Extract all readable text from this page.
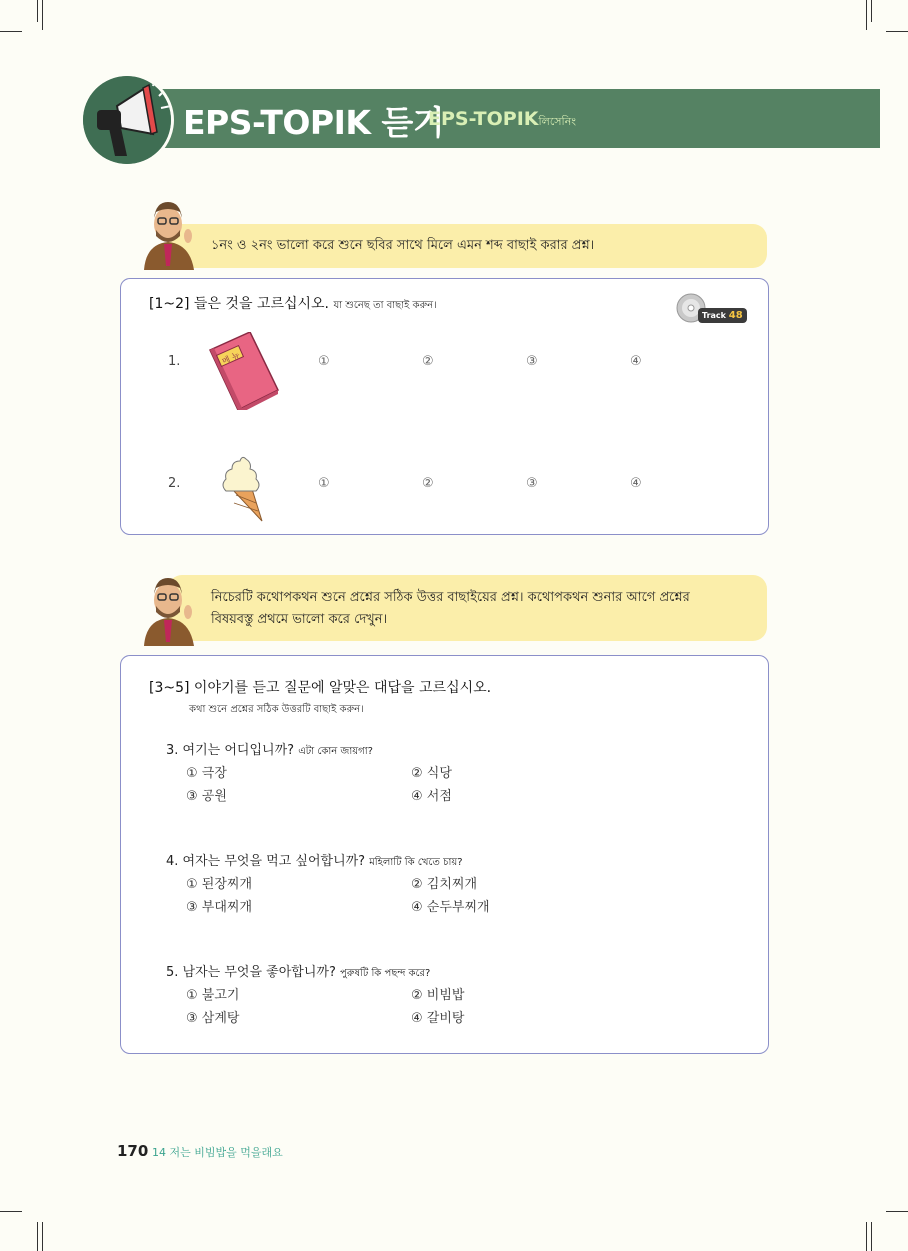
EPS-TOPIK 듣기
EPS-TOPIKলিসেনিং
১নং ও ২নং ভালো করে শুনে ছবির সাথে মিলে এমন শব্দ বাছাই করার প্রশ্ন।
[1~2] 들은 것을 고르십시오. যা শুনেছ তা বাছাই করুন।
Track 48
1.	메 뉴	①	②	③	④
2.	①	②	③	④
নিচেরটি কথোপকথন শুনে প্রশ্নের সঠিক উত্তর বাছাইয়ের প্রশ্ন। কথোপকথন শুনার আগে প্রশ্নের
বিষয়বস্তু প্রথমে ভালো করে দেখুন।
[3~5] 이야기를 듣고 질문에 알맞은 대답을 고르십시오.
কথা শুনে প্রশ্নের সঠিক উত্তরটি বাছাই করুন।
3. 여기는 어디입니까? এটা কোন জায়গা?
① 극장	② 식당
③ 공원	④ 서점
4. 여자는 무엇을 먹고 싶어합니까? মহিলাটি কি খেতে চায়?
① 된장찌개	② 김치찌개
③ 부대찌개	④ 순두부찌개
5. 남자는 무엇을 좋아합니까? পুরুষটি কি পছন্দ করে?
① 불고기	② 비빔밥
③ 삼계탕	④ 갈비탕
170 14 저는 비빔밥을 먹을래요
